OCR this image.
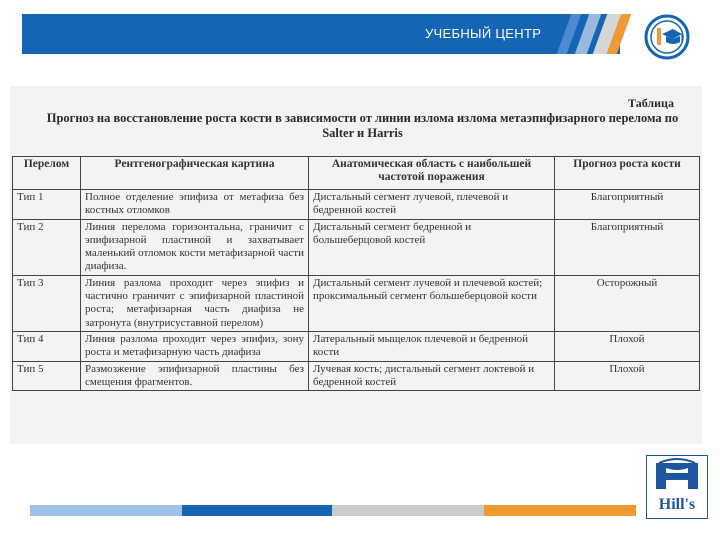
УЧЕБНЫЙ ЦЕНТР
Таблица
Прогноз на восстановление роста кости в зависимости от линии излома излома метаэпифизарного перелома по Salter и Harris
Перелом	Рентгенографическая картина	Анатомическая область с наибольшей частотой поражения	Прогноз роста кости
Тип 1	Полное отделение эпифиза от метафиза без костных отломков	Дистальный сегмент лучевой, плечевой и бедренной костей	Благоприятный
Тип 2	Линия перелома горизонтальна, граничит с эпифизарной пластиной и захватывает маленький отломок кости метафизарной части диафиза.	Дистальный сегмент бедренной и большеберцовой костей	Благоприятный
Тип 3	Линия разлома проходит через эпифиз и частично граничит с эпифизарной пластиной роста; метафизарная часть диафиза не затронута (внутрисуставной перелом)	Дистальный сегмент лучевой и плечевой костей; проксимальный сегмент большеберцовой кости	Осторожный
Тип 4	Линия разлома проходит через эпифиз, зону роста и метафизарную часть диафиза	Латеральный мыщелок плечевой и бедренной кости	Плохой
Тип 5	Размозжение эпифизарной пластины без смещения фрагментов.	Лучевая кость; дистальный сегмент локтевой и бедренной костей	Плохой
Hill's
